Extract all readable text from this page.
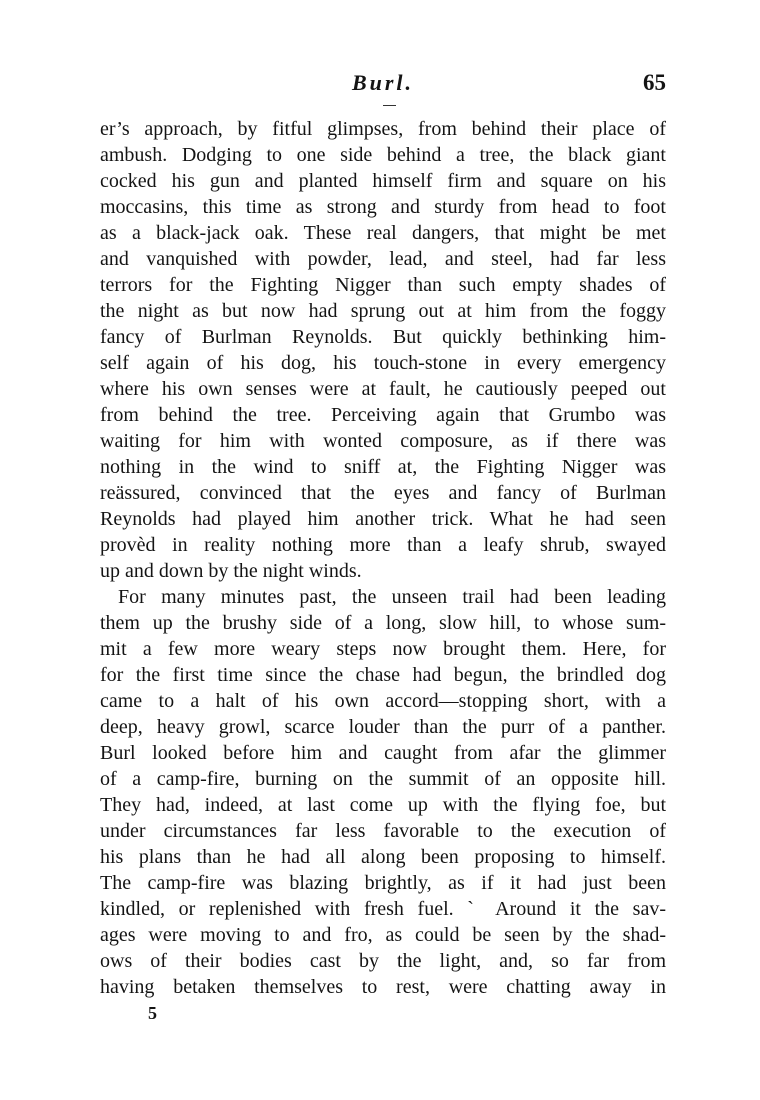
Burl.	65
er’s approach, by fitful glimpses, from behind their place of
ambush. Dodging to one side behind a tree, the black giant
cocked his gun and planted himself firm and square on his
moccasins, this time as strong and sturdy from head to foot
as a black-jack oak. These real dangers, that might be met
and vanquished with powder, lead, and steel, had far less
terrors for the Fighting Nigger than such empty shades of
the night as but now had sprung out at him from the foggy
fancy of Burlman Reynolds. But quickly bethinking him-
self again of his dog, his touch-stone in every emergency
where his own senses were at fault, he cautiously peeped out
from behind the tree. Perceiving again that Grumbo was
waiting for him with wonted composure, as if there was
nothing in the wind to sniff at, the Fighting Nigger was
reässured, convinced that the eyes and fancy of Burlman
Reynolds had played him another trick. What he had seen
provèd in reality nothing more than a leafy shrub, swayed
up and down by the night winds.
For many minutes past, the unseen trail had been leading
them up the brushy side of a long, slow hill, to whose sum-
mit a few more weary steps now brought them. Here, for
for the first time since the chase had begun, the brindled dog
came to a halt of his own accord—stopping short, with a
deep, heavy growl, scarce louder than the purr of a panther.
Burl looked before him and caught from afar the glimmer
of a camp-fire, burning on the summit of an opposite hill.
They had, indeed, at last come up with the flying foe, but
under circumstances far less favorable to the execution of
his plans than he had all along been proposing to himself.
The camp-fire was blazing brightly, as if it had just been
kindled, or replenished with fresh fuel. ˋ Around it the sav-
ages were moving to and fro, as could be seen by the shad-
ows of their bodies cast by the light, and, so far from
having betaken themselves to rest, were chatting away in
5
